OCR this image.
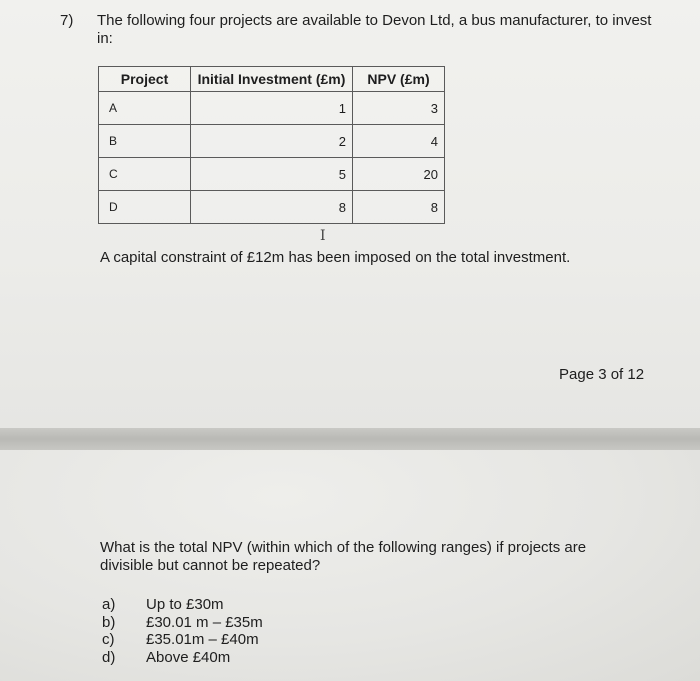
7) The following four projects are available to Devon Ltd, a bus manufacturer, to invest in:
Project	Initial Investment (£m)	NPV (£m)
A	1	3
B	2	4
C	5	20
D	8	8
I
A capital constraint of £12m has been imposed on the total investment.
Page 3 of 12
What is the total NPV (within which of the following ranges) if projects are divisible but cannot be repeated?
a)	Up to £30m
b)	£30.01 m – £35m
c)	£35.01m – £40m
d)	Above £40m
